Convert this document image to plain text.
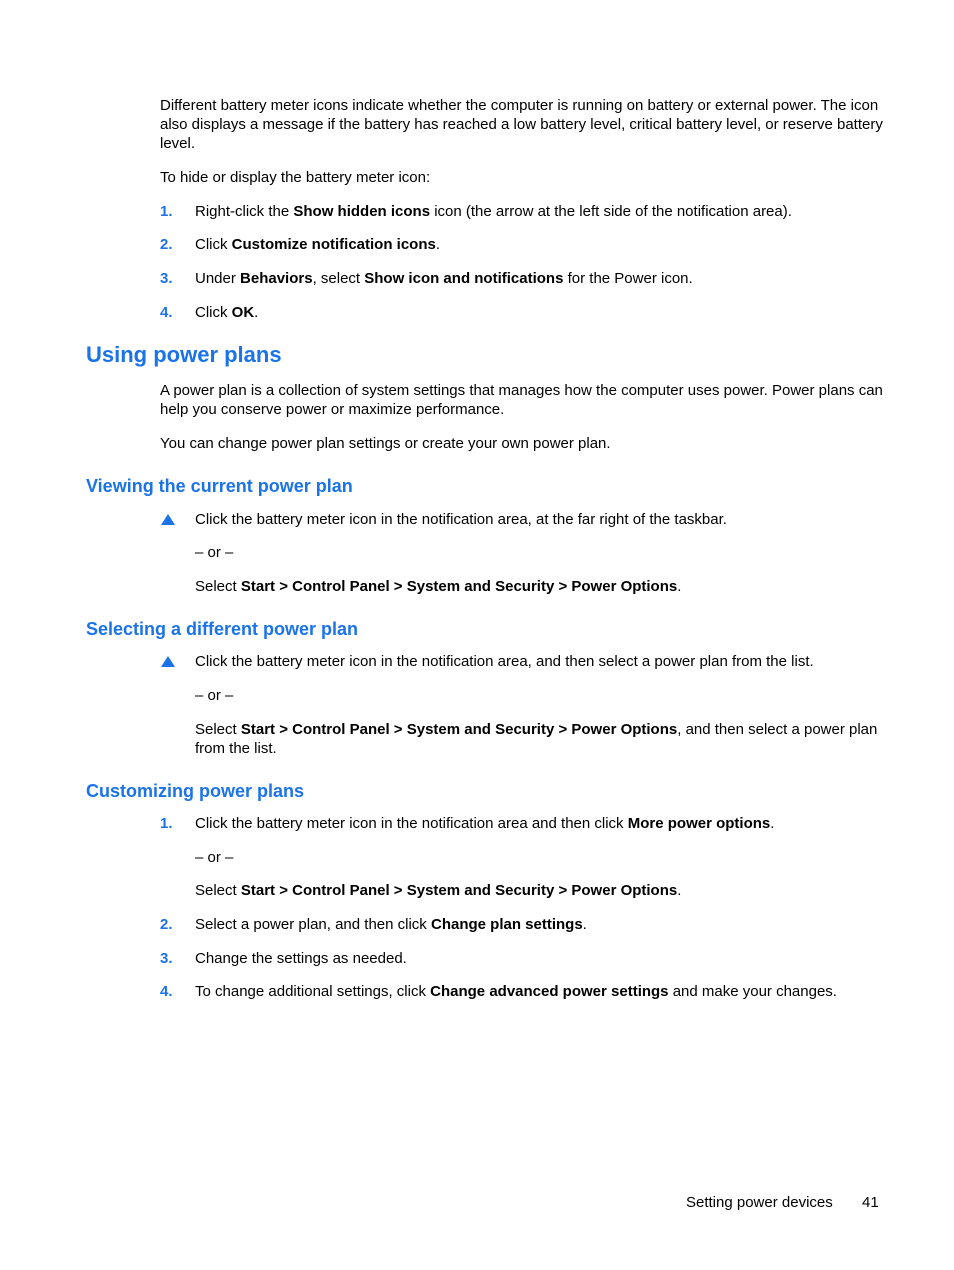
Different battery meter icons indicate whether the computer is running on battery or external power. The icon also displays a message if the battery has reached a low battery level, critical battery level, or reserve battery level.

To hide or display the battery meter icon:

1.	Right-click the Show hidden icons icon (the arrow at the left side of the notification area).

2.	Click Customize notification icons.

3.	Under Behaviors, select Show icon and notifications for the Power icon.

4.	Click OK.

Using power plans

A power plan is a collection of system settings that manages how the computer uses power. Power plans can help you conserve power or maximize performance.

You can change power plan settings or create your own power plan.

Viewing the current power plan

Click the battery meter icon in the notification area, at the far right of the taskbar.

– or –

Select Start > Control Panel > System and Security > Power Options.

Selecting a different power plan

Click the battery meter icon in the notification area, and then select a power plan from the list.

– or –

Select Start > Control Panel > System and Security > Power Options, and then select a power plan from the list.

Customizing power plans
1.	Click the battery meter icon in the notification area and then click More power options.

– or –

Select Start > Control Panel > System and Security > Power Options.

2.	Select a power plan, and then click Change plan settings.

3.	Change the settings as needed.

4.	To change additional settings, click Change advanced power settings and make your changes.

Setting power devices 41
